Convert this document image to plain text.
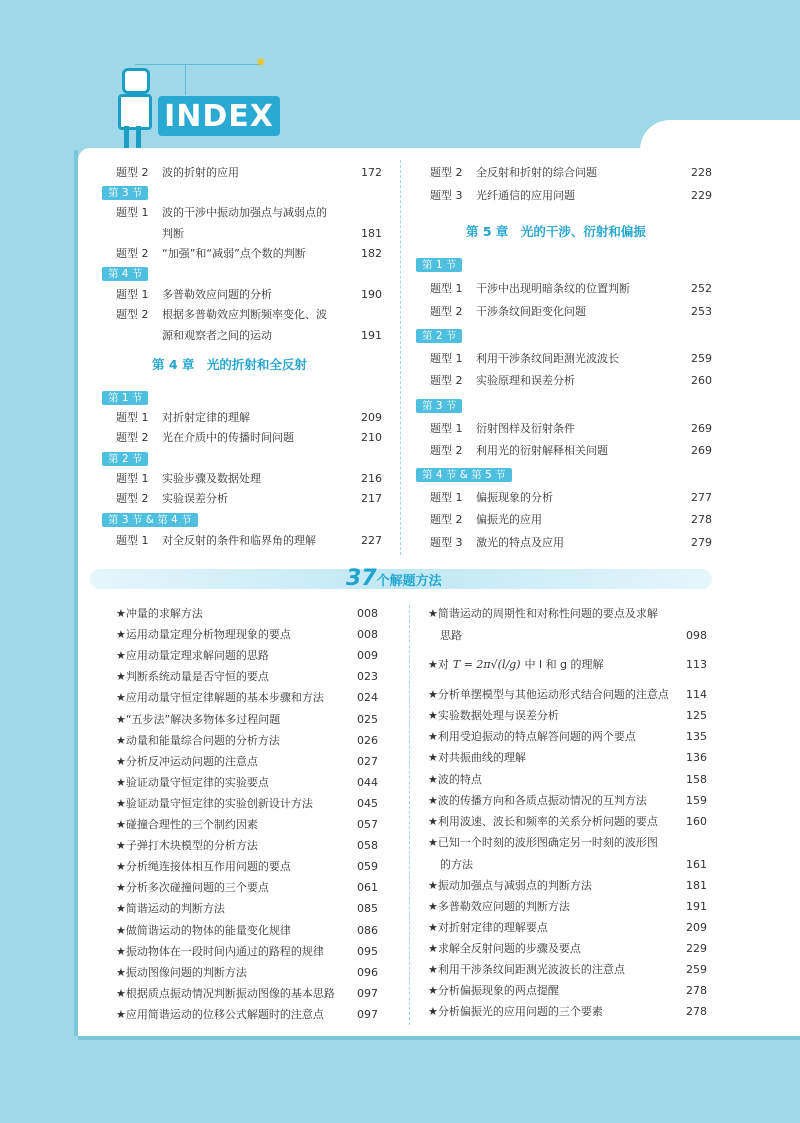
✷
INDEX
题型 2 波的折射的应用	172
第 3 节
题型 1 波的干涉中振动加强点与减弱点的
判断	181
题型 2 “加强”和“减弱”点个数的判断	182
第 4 节
题型 1 多普勒效应问题的分析	190
题型 2 根据多普勒效应判断频率变化、波
源和观察者之间的运动	191
第 4 章　光的折射和全反射
第 1 节
题型 1 对折射定律的理解	209
题型 2 光在介质中的传播时间问题	210
第 2 节
题型 1 实验步骤及数据处理	216
题型 2 实验误差分析	217
第 3 节 & 第 4 节
题型 1 对全反射的条件和临界角的理解	227
题型 2 全反射和折射的综合问题	228
题型 3 光纤通信的应用问题	229
第 5 章　光的干涉、衍射和偏振
第 1 节
题型 1 干涉中出现明暗条纹的位置判断	252
题型 2 干涉条纹间距变化问题	253
第 2 节
题型 1 利用干涉条纹间距测光波波长	259
题型 2 实验原理和误差分析	260
第 3 节
题型 1 衍射图样及衍射条件	269
题型 2 利用光的衍射解释相关问题	269
第 4 节 & 第 5 节
题型 1 偏振现象的分析	277
题型 2 偏振光的应用	278
题型 3 激光的特点及应用	279
37个解题方法
★冲量的求解方法	008
★运用动量定理分析物理现象的要点	008
★应用动量定理求解问题的思路	009
★判断系统动量是否守恒的要点	023
★应用动量守恒定律解题的基本步骤和方法	024
★“五步法”解决多物体多过程问题	025
★动量和能量综合问题的分析方法	026
★分析反冲运动问题的注意点	027
★验证动量守恒定律的实验要点	044
★验证动量守恒定律的实验创新设计方法	045
★碰撞合理性的三个制约因素	057
★子弹打木块模型的分析方法	058
★分析绳连接体相互作用问题的要点	059
★分析多次碰撞问题的三个要点	061
★简谐运动的判断方法	085
★做简谐运动的物体的能量变化规律	086
★振动物体在一段时间内通过的路程的规律	095
★振动图像问题的判断方法	096
★根据质点振动情况判断振动图像的基本思路 097
★应用简谐运动的位移公式解题时的注意点	097
★简谐运动的周期性和对称性问题的要点及求解
思路	098
★对 T = 2π√(l/g) 中 l 和 g 的理解	113
★分析单摆模型与其他运动形式结合问题的注意点 114
★实验数据处理与误差分析	125
★利用受迫振动的特点解答问题的两个要点	135
★对共振曲线的理解	136
★波的特点	158
★波的传播方向和各质点振动情况的互判方法	159
★利用波速、波长和频率的关系分析问题的要点	160
★已知一个时刻的波形图确定另一时刻的波形图
的方法	161
★振动加强点与减弱点的判断方法	181
★多普勒效应问题的判断方法	191
★对折射定律的理解要点	209
★求解全反射问题的步骤及要点	229
★利用干涉条纹间距测光波波长的注意点	259
★分析偏振现象的两点提醒	278
★分析偏振光的应用问题的三个要素	278
